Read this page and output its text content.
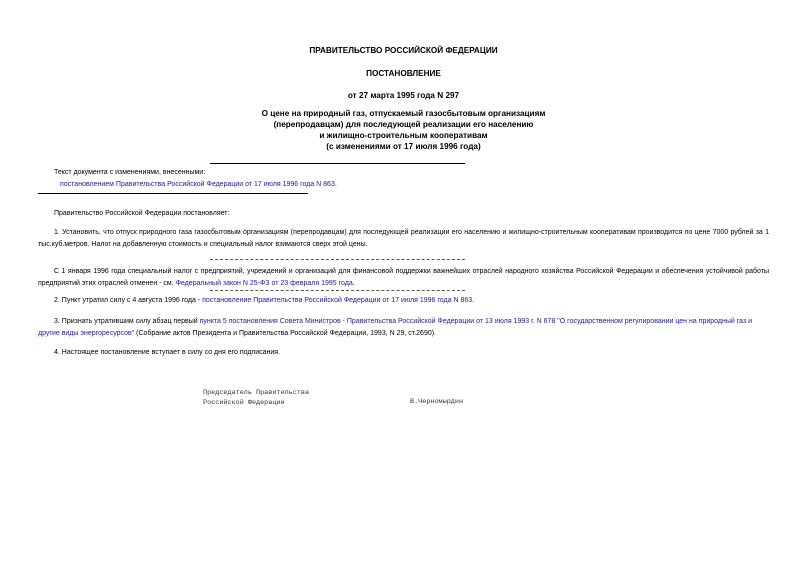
ПРАВИТЕЛЬСТВО РОССИЙСКОЙ ФЕДЕРАЦИИ
ПОСТАНОВЛЕНИЕ
от 27 марта 1995 года N 297
О цене на природный газ, отпускаемый газосбытовым организациям
(перепродавцам) для последующей реализации его населению
и жилищно-строительным кооперативам
(с изменениями от 17 июля 1996 года)
Текст документа с изменениями, внесенными:
постановлением Правительства Российской Федерации от 17 июля 1996 года N 863.
Правительство Российской Федерации постановляет:
1. Установить, что отпуск природного газа газосбытовым организациям (перепродавцам) для последующей реализации его населению и жилищно-строительным кооперативам производится по цене 7000 рублей за 1 тыс.куб.метров. Налог на добавленную стоимость и специальный налог взимаются сверх этой цены.
С 1 января 1996 года специальный налог с предприятий, учреждений и организаций для финансовой поддержки важнейших отраслей народного хозяйства Российской Федерации и обеспечения устойчивой работы предприятий этих отраслей отменен - см. Федеральный закон N 25-ФЗ от 23 февраля 1995 года.
2. Пункт утратил силу с 4 августа 1996 года - постановление Правительства Российской Федерации от 17 июля 1996 года N 863.
3. Признать утратившим силу абзац первый пункта 5 постановления Совета Министров - Правительства Российской Федерации от 13 июля 1993 г. N 678 "О государственном регулировании цен на природный газ и другие виды энергоресурсов" (Собрание актов Президента и Правительства Российской Федерации, 1993, N 29, ст.2690).
4. Настоящее постановление вступает в силу со дня его подписания.
Председатель Правительства
Российской Федерации	В.Черномырдин
